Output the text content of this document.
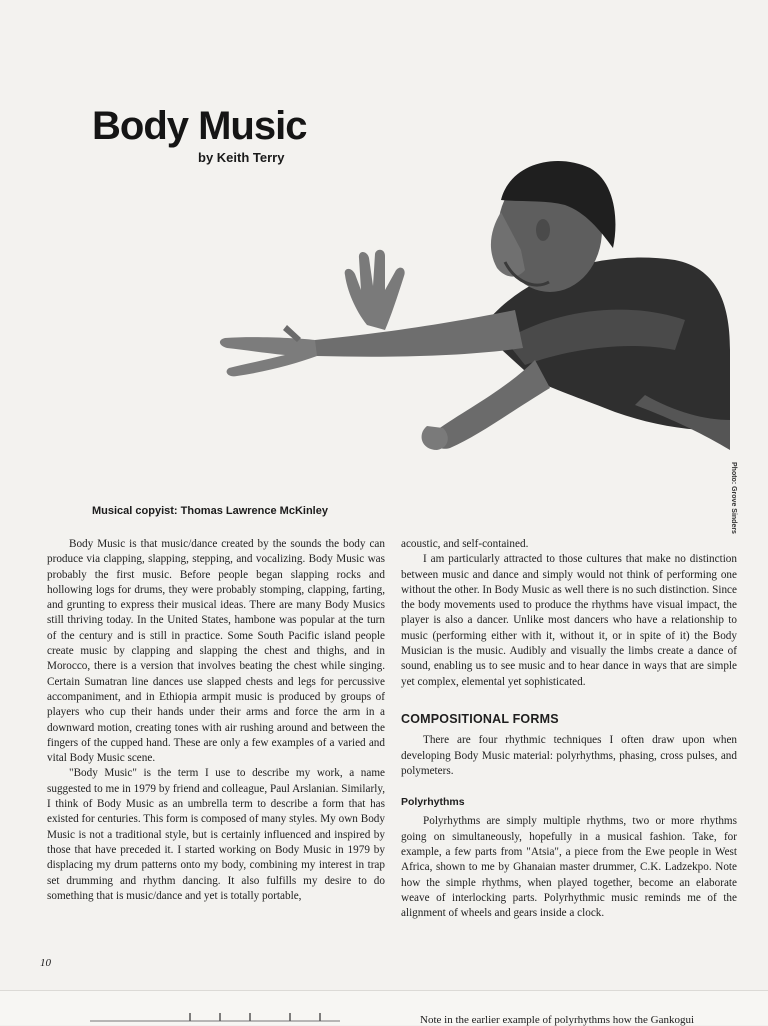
Body Music
by Keith Terry
Photo: Grove Sinders
Musical copyist: Thomas Lawrence McKinley

Body Music is that music/dance created by the sounds the body can produce via clapping, slapping, stepping, and vocalizing. Body Music was probably the first music. Before people began slapping rocks and hollowing logs for drums, they were probably stomping, clapping, farting, and grunting to express their musical ideas. There are many Body Musics still thriving today. In the United States, hambone was popular at the turn of the century and is still in practice. Some South Pacific island people create music by clapping and slapping the chest and thighs, and in Morocco, there is a version that involves beating the chest while singing. Certain Sumatran line dances use slapped chests and legs for percussive accompaniment, and in Ethiopia armpit music is produced by groups of players who cup their hands under their arms and force the arm in a downward motion, creating tones with air rushing around and between the fingers of the cupped hand. These are only a few examples of a varied and vital Body Music scene.

"Body Music" is the term I use to describe my work, a name suggested to me in 1979 by friend and colleague, Paul Arslanian. Similarly, I think of Body Music as an umbrella term to describe a form that has existed for centuries. This form is composed of many styles. My own Body Music is not a traditional style, but is certainly influenced and inspired by those that have preceded it. I started working on Body Music in 1979 by displacing my drum patterns onto my body, combining my interest in trap set drumming and rhythm dancing. It also fulfills my desire to do something that is music/dance and yet is totally portable,

acoustic, and self-contained.

I am particularly attracted to those cultures that make no distinction between music and dance and simply would not think of performing one without the other. In Body Music as well there is no such distinction. Since the body movements used to produce the rhythms have visual impact, the player is also a dancer. Unlike most dancers who have a relationship to music (performing either with it, without it, or in spite of it) the Body Musician is the music. Audibly and visually the limbs create a dance of sound, enabling us to see music and to hear dance in ways that are simple yet complex, elemental yet sophisticated.

COMPOSITIONAL FORMS

There are four rhythmic techniques I often draw upon when developing Body Music material: polyrhythms, phasing, cross pulses, and polymeters.

Polyrhythms

Polyrhythms are simply multiple rhythms, two or more rhythms going on simultaneously, hopefully in a musical fashion. Take, for example, a few parts from "Atsia", a piece from the Ewe people in West Africa, shown to me by Ghanaian master drummer, C.K. Ladzekpo. Note how the simple rhythms, when played together, become an elaborate weave of interlocking parts. Polyrhythmic music reminds me of the alignment of wheels and gears inside a clock.

10
Note in the earlier example of polyrhythms how the Gankogui
